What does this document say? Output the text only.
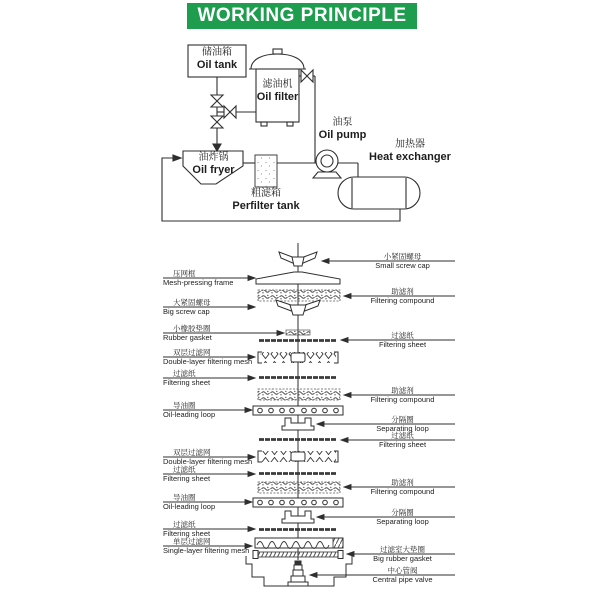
WORKING PRINCIPLE
储油箱
Oil tank
滤油机
Oil filter
油泵
Oil pump
加热器
Heat exchanger
油炸锅
Oil fryer
粗滤箱
Perfilter tank
压网框
Mesh-pressing frame
大紧固螺母
Big screw cap
小橡胶垫圈
Rubber gasket
双层过滤网
Double-layer filtering mesh
过滤纸
Filtering sheet
导油圈
Oil-leading loop
双层过滤网
Double-layer filtering mesh
过滤纸
Filtering sheet
导油圈
Oil-leading loop
过滤纸
Filtering sheet
单层过滤网
Single-layer filtering mesh
小紧固螺母
Small screw cap
助滤剂
Filtering compound
过滤纸
Filtering sheet
助滤剂
Filtering compound
分隔圈
Separating loop
过滤纸
Filtering sheet
助滤剂
Filtering compound
分隔圈
Separating loop
过滤室大垫圈
Big rubber gasket
中心管阀
Central pipe valve
